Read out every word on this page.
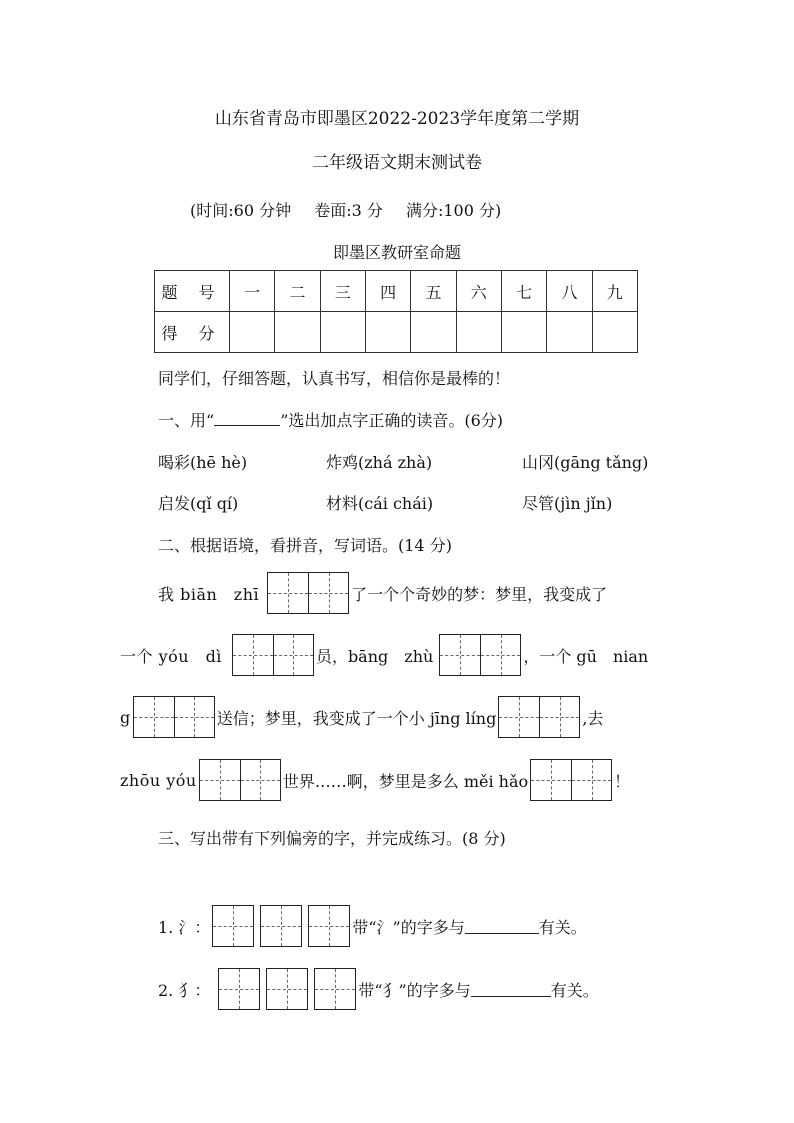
山东省青岛市即墨区2022-2023学年度第二学期
二年级语文期末测试卷
(时间:60 分钟 卷面:3 分 满分:100 分)
即墨区教研室命题
题 号	一	二	三	四	五	六	七	八	九
得 分									
同学们，仔细答题，认真书写，相信你是最棒的！
一、用“	”选出加点字正确的读音。(6分)
喝彩(hē hè)	炸鸡(zhá zhà)	山冈(gāng tǎng)
启发(qǐ qí)	材料(cái chái)	尽管(jìn jǐn)
二、根据语境，看拼音，写词语。(14 分)
我 biān　zhī	了一个个奇妙的梦：梦里，我变成了
一个 yóu　dì	员，bāng　zhù	，一个 gū　nian
g	送信；梦里，我变成了一个小 jīng líng	,去
zhōu yóu	世界……啊，梦里是多么 měi hǎo	！
三、写出带有下列偏旁的字，并完成练习。(8 分)
1. 氵：	带“氵”的字多与	有关。
2. 犭：	带“犭”的字多与	有关。
